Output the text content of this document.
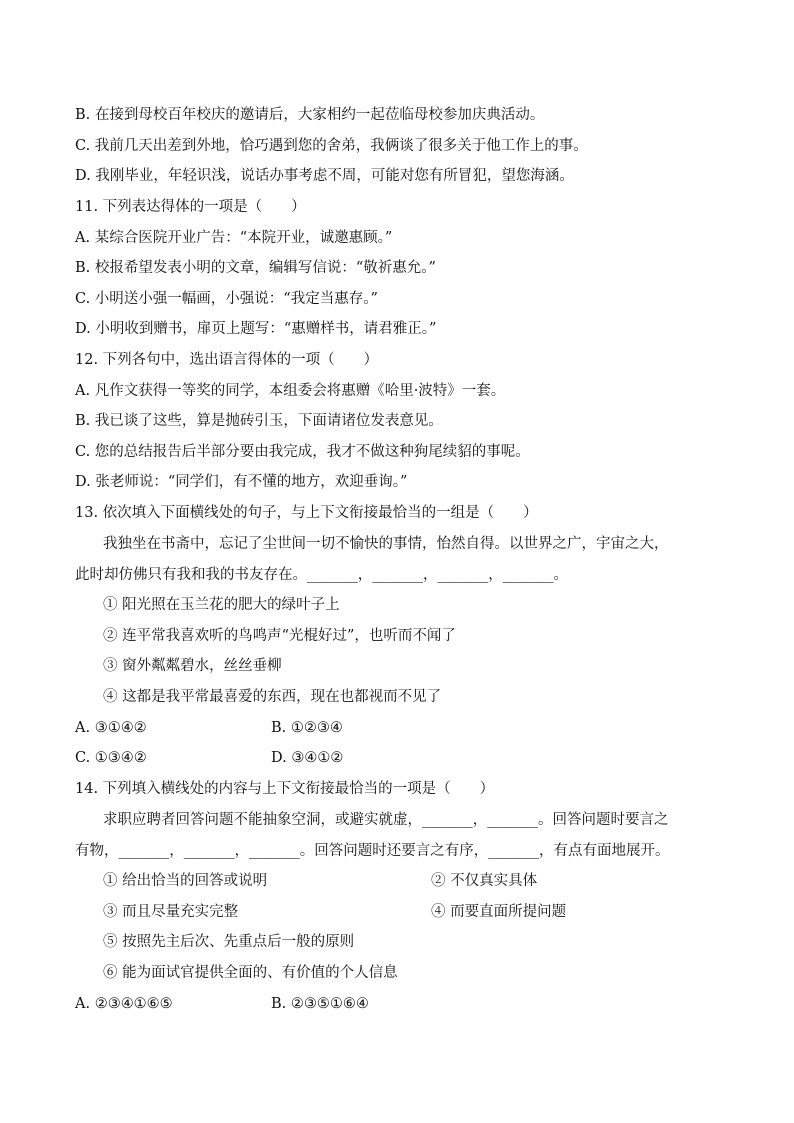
B. 在接到母校百年校庆的邀请后，大家相约一起莅临母校参加庆典活动。
C. 我前几天出差到外地，恰巧遇到您的舍弟，我俩谈了很多关于他工作上的事。
D. 我刚毕业，年轻识浅，说话办事考虑不周，可能对您有所冒犯，望您海涵。
11. 下列表达得体的一项是（　　）
A. 某综合医院开业广告：“本院开业，诚邀惠顾。”
B. 校报希望发表小明的文章，编辑写信说：“敬祈惠允。”
C. 小明送小强一幅画，小强说：“我定当惠存。”
D. 小明收到赠书，扉页上题写：“惠赠样书，请君雅正。”
12. 下列各句中，选出语言得体的一项（　　）
A. 凡作文获得一等奖的同学，本组委会将惠赠《哈里·波特》一套。
B. 我已谈了这些，算是抛砖引玉，下面请诸位发表意见。
C. 您的总结报告后半部分要由我完成，我才不做这种狗尾续貂的事呢。
D. 张老师说：“同学们，有不懂的地方，欢迎垂询。”
13. 依次填入下面横线处的句子，与上下文衔接最恰当的一组是（　　）
我独坐在书斋中，忘记了尘世间一切不愉快的事情，怡然自得。以世界之广，宇宙之大，
此时却仿佛只有我和我的书友存在。_______，_______，_______，_______。
① 阳光照在玉兰花的肥大的绿叶子上
② 连平常我喜欢听的鸟鸣声“光棍好过”，也听而不闻了
③ 窗外粼粼碧水，丝丝垂柳
④ 这都是我平常最喜爱的东西，现在也都视而不见了
A. ③①④②	B. ①②③④
C. ①③④②	D. ③④①②
14. 下列填入横线处的内容与上下文衔接最恰当的一项是（　　）
求职应聘者回答问题不能抽象空洞，或避实就虚，_______，_______。回答问题时要言之
有物，_______，_______，_______。回答问题时还要言之有序，_______，有点有面地展开。
① 给出恰当的回答或说明	② 不仅真实具体
③ 而且尽量充实完整	④ 而要直面所提问题
⑤ 按照先主后次、先重点后一般的原则
⑥ 能为面试官提供全面的、有价值的个人信息
A. ②③④①⑥⑤	B. ②③⑤①⑥④
